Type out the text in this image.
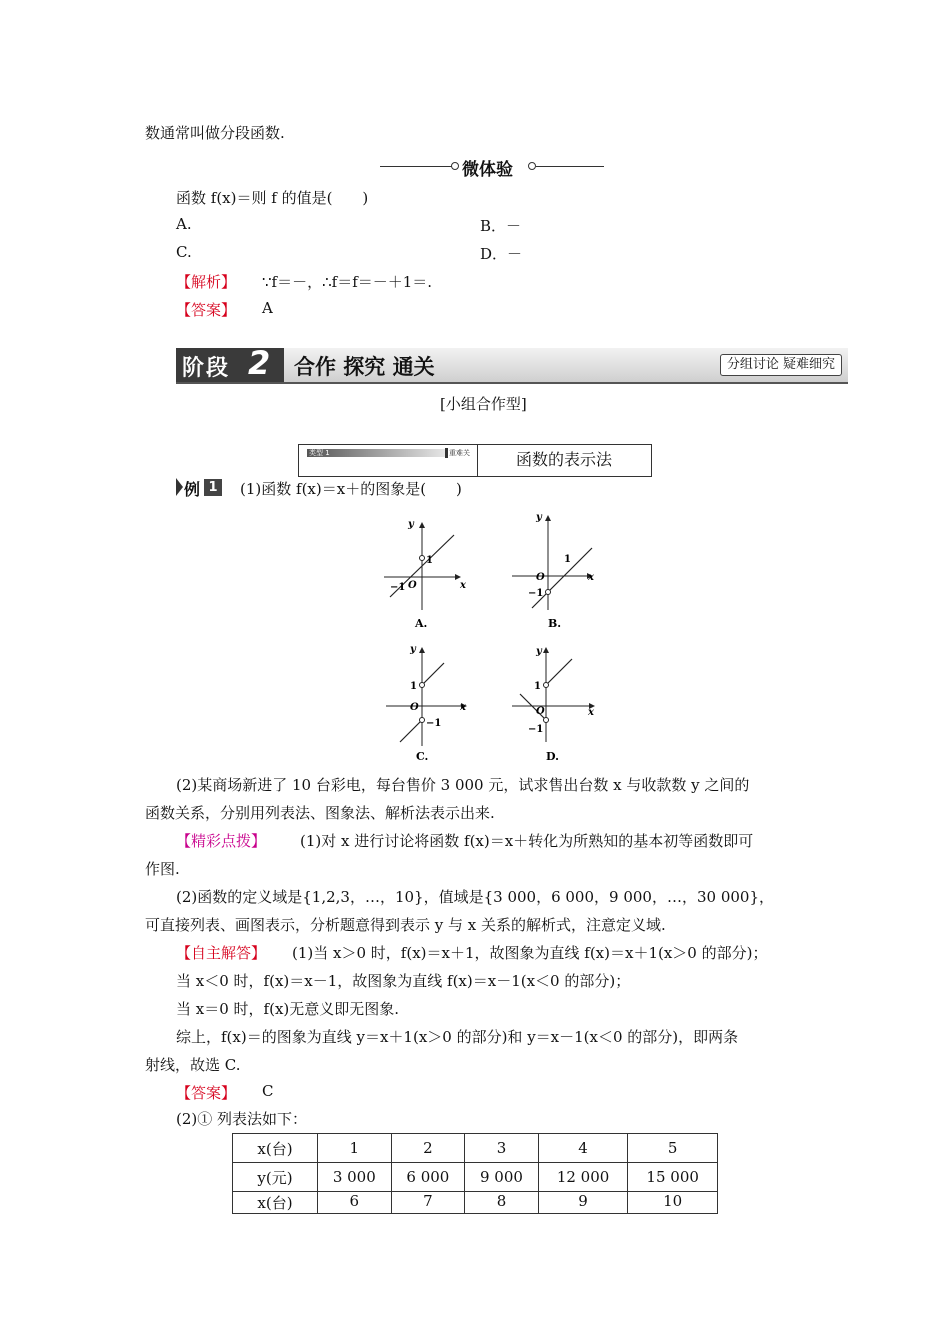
数通常叫做分段函数.
微体验
函数 f(x)＝则 f 的值是(　　)
A.	B．－
C.	D．－
【解析】 ∵f＝－，∴f＝f＝－＋1＝.
【答案】 A
阶段 2 合作 探究 通关	分组讨论 疑难细究
[小组合作型]
类型 1	重难关	函数的表示法
例 1 (1)函数 f(x)＝x＋的图象是(　　)
y
x
1
−1 O
A.
y
x
1
−1
O
B.
y
x
1
−1
O
C.
y
x
1
−1
O
D.
(2)某商场新进了 10 台彩电，每台售价 3 000 元，试求售出台数 x 与收款数 y 之间的
函数关系，分别用列表法、图象法、解析法表示出来.
【精彩点拨】 (1)对 x 进行讨论将函数 f(x)＝x＋转化为所熟知的基本初等函数即可
作图.
(2)函数的定义域是{1,2,3，…，10}，值域是{3 000，6 000，9 000，…，30 000}，
可直接列表、画图表示，分析题意得到表示 y 与 x 关系的解析式，注意定义域.
【自主解答】 (1)当 x＞0 时，f(x)＝x＋1，故图象为直线 f(x)＝x＋1(x＞0 的部分)；
当 x＜0 时，f(x)＝x－1，故图象为直线 f(x)＝x－1(x＜0 的部分)；
当 x＝0 时，f(x)无意义即无图象.
综上，f(x)＝的图象为直线 y＝x＋1(x＞0 的部分)和 y＝x－1(x＜0 的部分)，即两条
射线，故选 C.
【答案】 C
(2)① 列表法如下：
x(台)	1	2	3	4	5
y(元)	3 000	6 000	9 000	12 000	15 000
x(台)	6	7	8	9	10
